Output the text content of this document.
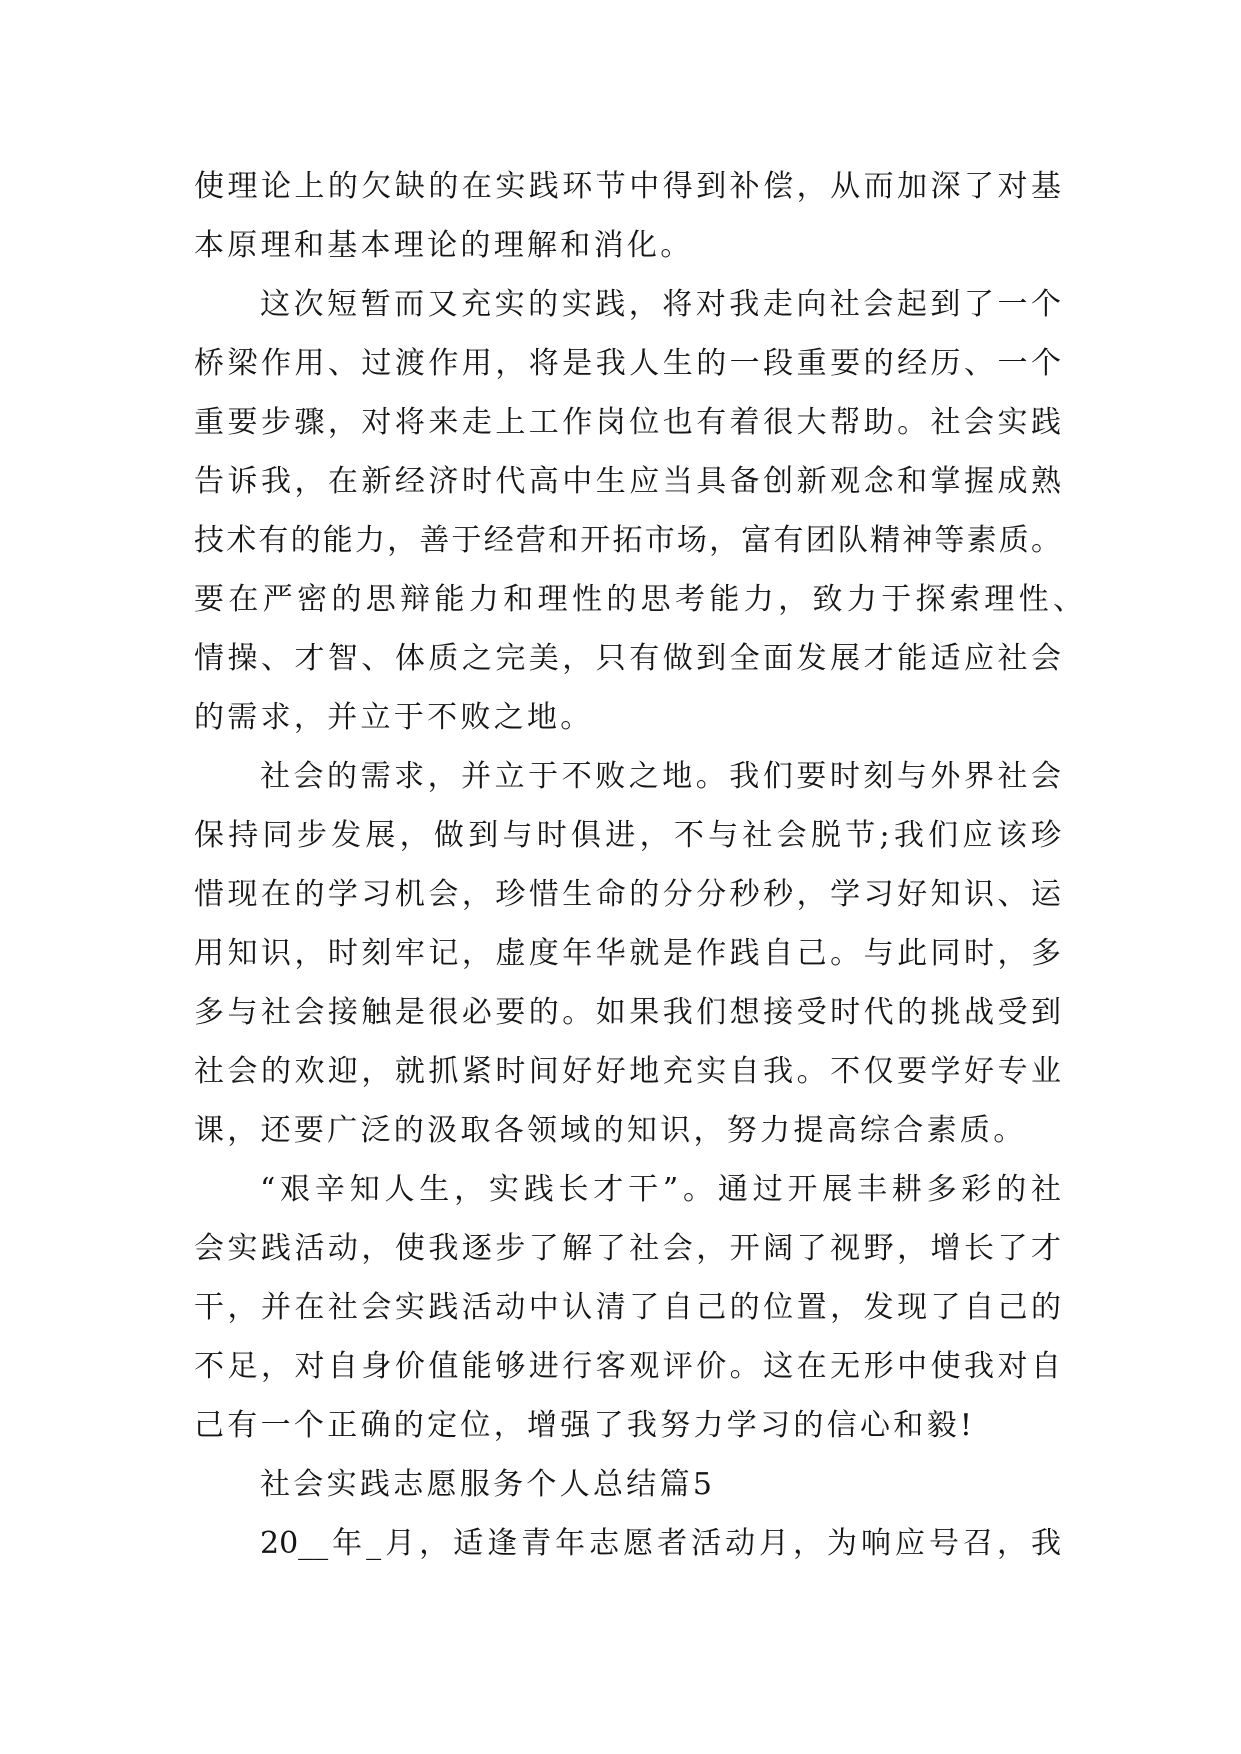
使理论上的欠缺的在实践环节中得到补偿，从而加深了对基
本原理和基本理论的理解和消化。
这次短暂而又充实的实践，将对我走向社会起到了一个
桥梁作用、过渡作用，将是我人生的一段重要的经历、一个
重要步骤，对将来走上工作岗位也有着很大帮助。社会实践
告诉我，在新经济时代高中生应当具备创新观念和掌握成熟
技术有的能力，善于经营和开拓市场，富有团队精神等素质。
要在严密的思辩能力和理性的思考能力，致力于探索理性、
情操、才智、体质之完美，只有做到全面发展才能适应社会
的需求，并立于不败之地。
社会的需求，并立于不败之地。我们要时刻与外界社会
保持同步发展，做到与时俱进，不与社会脱节;我们应该珍
惜现在的学习机会，珍惜生命的分分秒秒，学习好知识、运
用知识，时刻牢记，虚度年华就是作践自己。与此同时，多
多与社会接触是很必要的。如果我们想接受时代的挑战受到
社会的欢迎，就抓紧时间好好地充实自我。不仅要学好专业
课，还要广泛的汲取各领域的知识，努力提高综合素质。
“艰辛知人生，实践长才干”。通过开展丰耕多彩的社
会实践活动，使我逐步了解了社会，开阔了视野，增长了才
干，并在社会实践活动中认清了自己的位置，发现了自己的
不足，对自身价值能够进行客观评价。这在无形中使我对自
己有一个正确的定位，增强了我努力学习的信心和毅!
社会实践志愿服务个人总结篇5
20__年_月，适逢青年志愿者活动月，为响应号召，我
